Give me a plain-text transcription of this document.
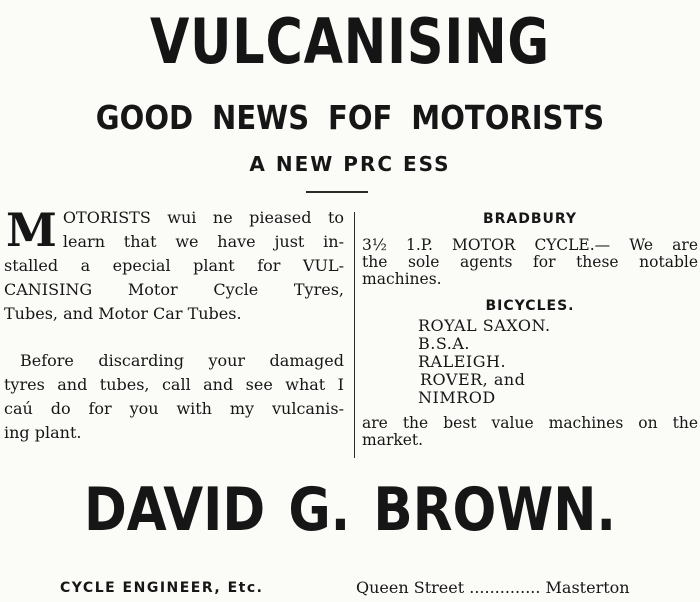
VULCANISING
GOOD NEWS FOF MOTORISTS
A NEW PRC ESS
M OTORISTS wui ne pieased to
learn that we have just in-
stalled a epecial plant for VUL-
CANISING Motor Cycle Tyres,
Tubes, and Motor Car Tubes.
Before discarding your damaged
tyres and tubes, call and see what I
caú do for you with my vulcanis-
ing plant.
BRADBURY
3½ 1.P. MOTOR CYCLE.— We are
the sole agents for these notable
machines.
BICYCLES.
ROYAL SAXON.
B.S.A.
RALEIGH.
ROVER, and
NIMROD
are the best value machines on the
market.
DAVID G. BROWN.
CYCLE ENGINEER, Etc.	Queen Street .............. Masterton
